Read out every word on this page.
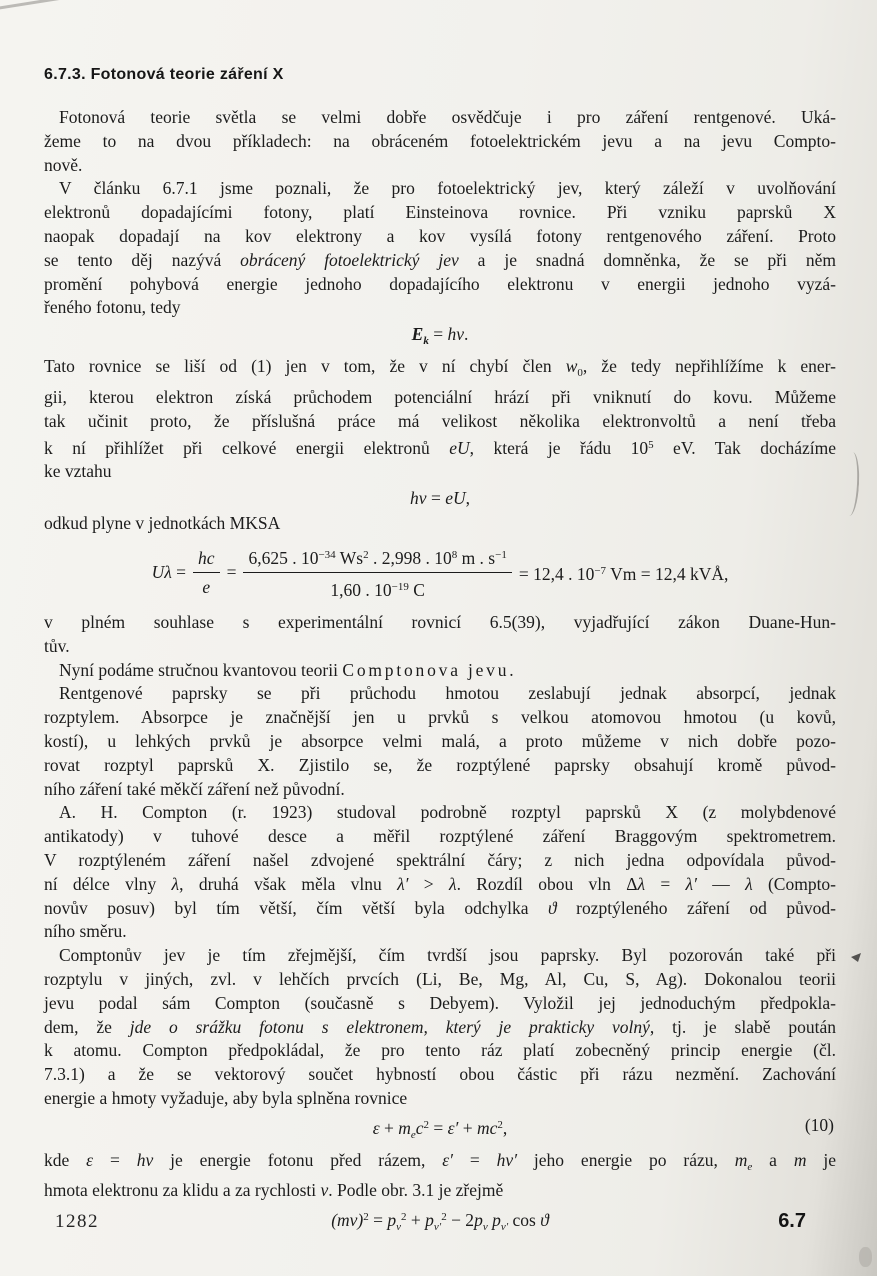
6.7.3. Fotonová teorie záření X
Fotonová teorie světla se velmi dobře osvědčuje i pro záření rentgenové. Uká-
žeme to na dvou příkladech: na obráceném fotoelektrickém jevu a na jevu Compto-
nově.
V článku 6.7.1 jsme poznali, že pro fotoelektrický jev, který záleží v uvolňování
elektronů dopadajícími fotony, platí Einsteinova rovnice. Při vzniku paprsků X
naopak dopadají na kov elektrony a kov vysílá fotony rentgenového záření. Proto
se tento děj nazývá obrácený fotoelektrický jev a je snadná domněnka, že se při něm
promění pohybová energie jednoho dopadajícího elektronu v energii jednoho vyzá-
řeného fotonu, tedy
$E_k = h\nu$.
Tato rovnice se liší od (1) jen v tom, že v ní chybí člen $w_0$, že tedy nepřihlížíme k ener-
gii, kterou elektron získá průchodem potenciální hrází při vniknutí do kovu. Můžeme
tak učinit proto, že příslušná práce má velikost několika elektronvoltů a není třeba
k ní přihlížet při celkové energii elektronů eU, která je řádu $10^5$ eV. Tak docházíme
ke vztahu
hν = eU,
odkud plyne v jednotkách MKSA
$U\lambda = \frac{hc}{e} = \frac{6,625 . 10^{-34} Ws^2 . 2,998 . 10^8 m . s^{-1}}{1,60 . 10^{-19} C} = 12,4$ . $10^{-7}$ Vm = 12,4 kVÅ,
v plném souhlase s experimentální rovnicí 6.5(39), vyjadřující zákon Duane-Hun-
tův.
Nyní podáme stručnou kvantovou teorii Comptonova jevu.
Rentgenové paprsky se při průchodu hmotou zeslabují jednak absorpcí, jednak
rozptylem. Absorpce je značnější jen u prvků s velkou atomovou hmotou (u kovů,
kostí), u lehkých prvků je absorpce velmi malá, a proto můžeme v nich dobře pozo-
rovat rozptyl paprsků X. Zjistilo se, že rozptýlené paprsky obsahují kromě původ-
ního záření také měkčí záření než původní.
A. H. Compton (r. 1923) studoval podrobně rozptyl paprsků X (z molybdenové
antikatody) v tuhové desce a měřil rozptýlené záření Braggovým spektrometrem.
V rozptýleném záření našel zdvojené spektrální čáry; z nich jedna odpovídala původ-
ní délce vlny λ, druhá však měla vlnu λ′ > λ. Rozdíl obou vln Δλ = λ′ — λ (Compto-
novův posuv) byl tím větší, čím větší byla odchylka ϑ rozptýleného záření od původ-
ního směru.
Comptonův jev je tím zřejmější, čím tvrdší jsou paprsky. Byl pozorován také při
rozptylu v jiných, zvl. v lehčích prvcích (Li, Be, Mg, Al, Cu, S, Ag). Dokonalou teorii
jevu podal sám Compton (současně s Debyem). Vyložil jej jednoduchým předpokla-
dem, že jde o srážku fotonu s elektronem, který je prakticky volný, tj. je slabě poután
k atomu. Compton předpokládal, že pro tento ráz platí zobecněný princip energie (čl.
7.3.1) a že se vektorový součet hybností obou částic při rázu nezmění. Zachování
energie a hmoty vyžaduje, aby byla splněna rovnice
$\varepsilon + m_ec^2 = \varepsilon' + mc^2$,	(10)
kde ε = hν je energie fotonu před rázem, ε′ = hν′ jeho energie po rázu, $m_e$ a m je
hmota elektronu za klidu a za rychlosti v. Podle obr. 3.1 je zřejmě
$(mv)^2 = p_\nu^2 + p_{\nu'}^2 - 2p_\nu$ $p_{\nu'}$ cos ϑ
1282	6.7
